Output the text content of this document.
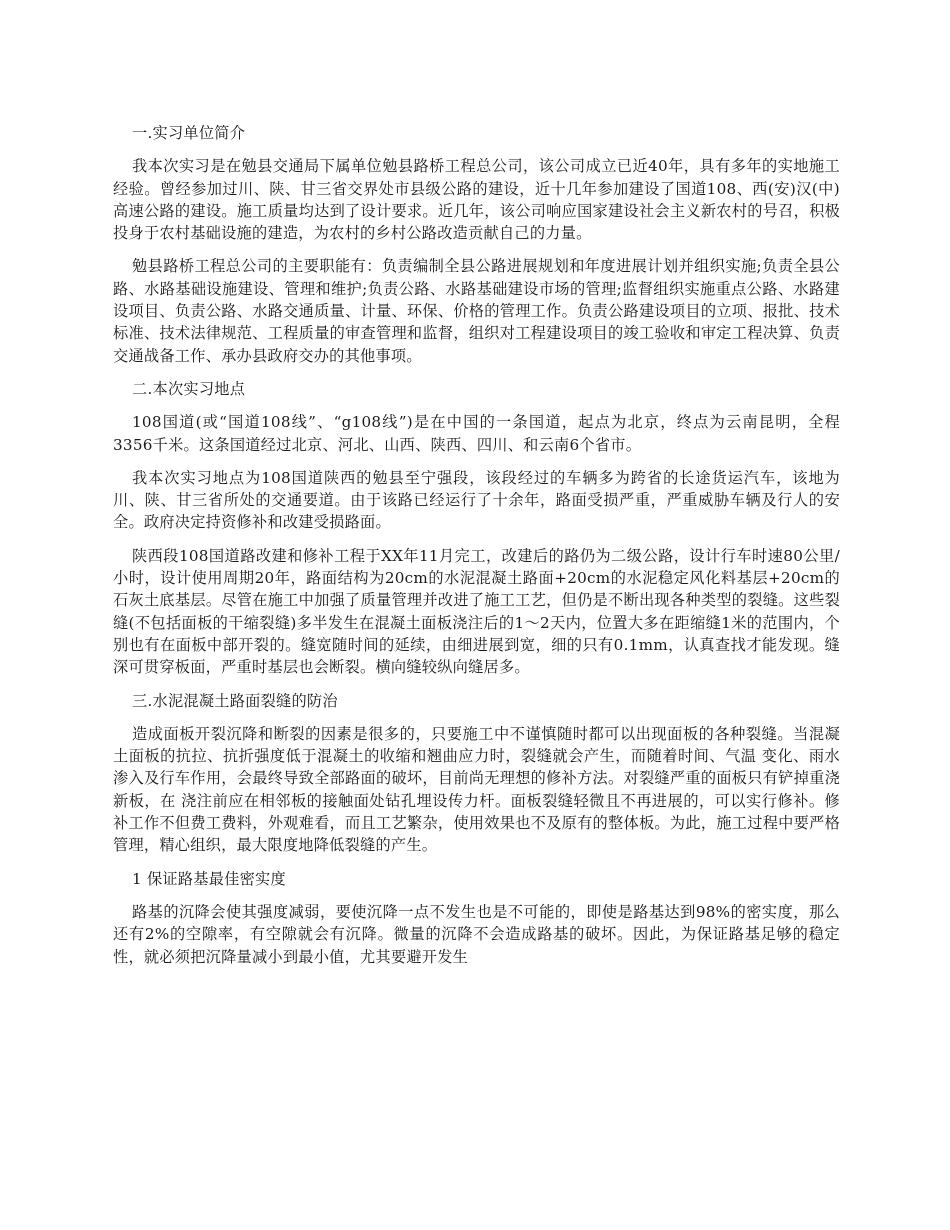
一.实习单位简介
我本次实习是在勉县交通局下属单位勉县路桥工程总公司，该公司成立已近40年，具有多年的实地施工经验。曾经参加过川、陕、甘三省交界处市县级公路的建设，近十几年参加建设了国道108、西(安)汉(中)高速公路的建设。施工质量均达到了设计要求。近几年，该公司响应国家建设社会主义新农村的号召，积极投身于农村基础设施的建造，为农村的乡村公路改造贡献自己的力量。
勉县路桥工程总公司的主要职能有：负责编制全县公路进展规划和年度进展计划并组织实施;负责全县公路、水路基础设施建设、管理和维护;负责公路、水路基础建设市场的管理;监督组织实施重点公路、水路建设项目、负责公路、水路交通质量、计量、环保、价格的管理工作。负责公路建设项目的立项、报批、技术标准、技术法律规范、工程质量的审查管理和监督，组织对工程建设项目的竣工验收和审定工程决算、负责交通战备工作、承办县政府交办的其他事项。
二.本次实习地点
108国道(或“国道108线”、“g108线”)是在中国的一条国道，起点为北京，终点为云南昆明，全程3356千米。这条国道经过北京、河北、山西、陕西、四川、和云南6个省市。
我本次实习地点为108国道陕西的勉县至宁强段，该段经过的车辆多为跨省的长途货运汽车，该地为川、陕、甘三省所处的交通要道。由于该路已经运行了十余年，路面受损严重，严重威胁车辆及行人的安全。政府决定持资修补和改建受损路面。
陕西段108国道路改建和修补工程于XX年11月完工，改建后的路仍为二级公路，设计行车时速80公里/小时，设计使用周期20年，路面结构为20cm的水泥混凝土路面+20cm的水泥稳定风化料基层+20cm的石灰土底基层。尽管在施工中加强了质量管理并改进了施工工艺，但仍是不断出现各种类型的裂缝。这些裂缝(不包括面板的干缩裂缝)多半发生在混凝土面板浇注后的1～2天内，位置大多在距缩缝1米的范围内，个别也有在面板中部开裂的。缝宽随时间的延续，由细进展到宽，细的只有0.1mm，认真查找才能发现。缝深可贯穿板面，严重时基层也会断裂。横向缝较纵向缝居多。
三.水泥混凝土路面裂缝的防治
造成面板开裂沉降和断裂的因素是很多的，只要施工中不谨慎随时都可以出现面板的各种裂缝。当混凝土面板的抗拉、抗折强度低于混凝土的收缩和翘曲应力时，裂缝就会产生，而随着时间、气温 变化、雨水渗入及行车作用，会最终导致全部路面的破坏，目前尚无理想的修补方法。对裂缝严重的面板只有铲掉重浇新板，在 浇注前应在相邻板的接触面处钻孔埋设传力杆。面板裂缝轻微且不再进展的，可以实行修补。修补工作不但费工费料，外观难看，而且工艺繁杂，使用效果也不及原有的整体板。为此，施工过程中要严格管理，精心组织，最大限度地降低裂缝的产生。
1 保证路基最佳密实度
路基的沉降会使其强度减弱，要使沉降一点不发生也是不可能的，即使是路基达到98%的密实度，那么还有2%的空隙率，有空隙就会有沉降。微量的沉降不会造成路基的破坏。因此，为保证路基足够的稳定性，就必须把沉降量减小到最小值，尤其要避开发生
